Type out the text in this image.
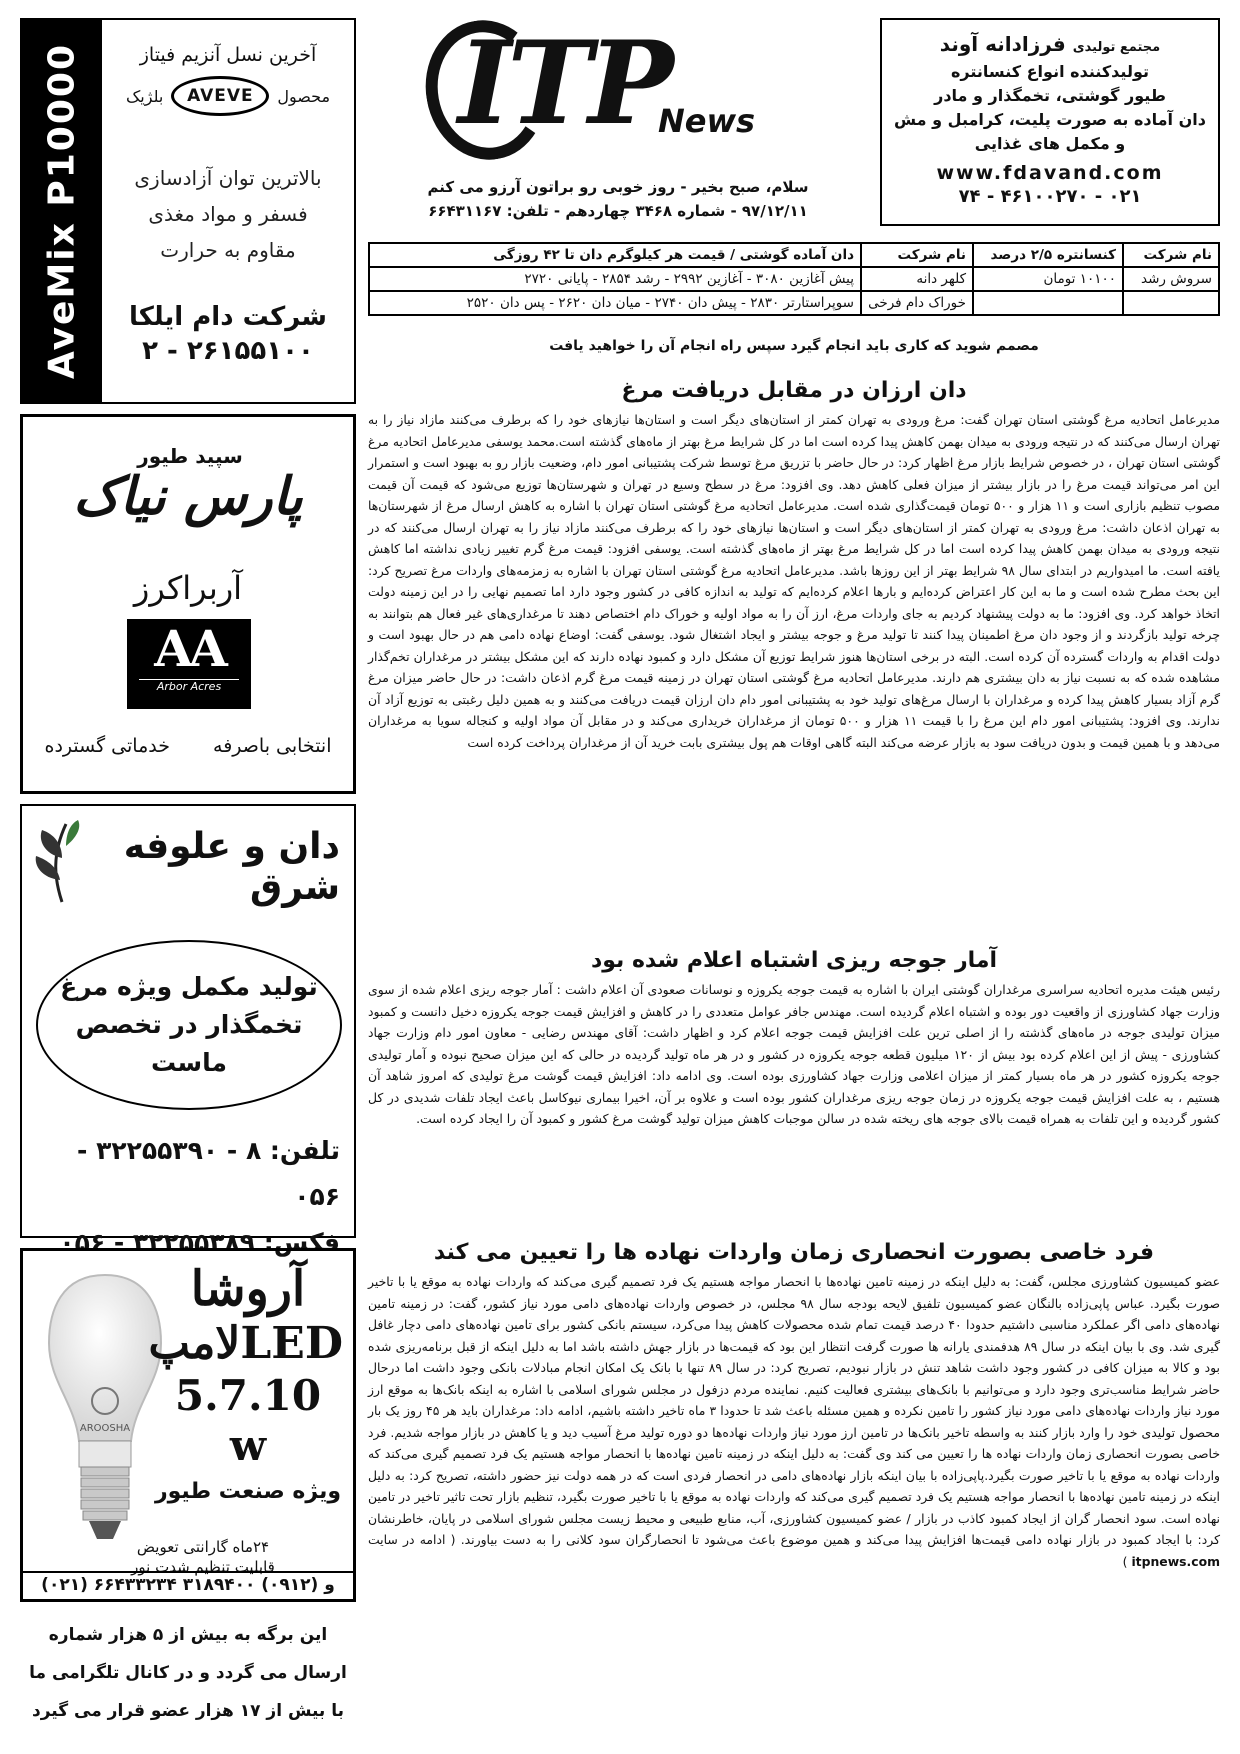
AveMix P10000	آخرین نسل آنزیم فیتاز
محصول
AVEVE
بلژیک
بالاترین توان آزادسازی
فسفر و مواد مغذی
مقاوم به حرارت
شرکت دام ایلکا
۲۶۱۵۵۱۰۰ - ۲
سپید طیور پارس نیاک
آربراکرز
AA
Arbor Acres
انتخابی باصرفه
خدماتی گسترده
دان و علوفه شرق
تولید مکمل ویژه مرغ
تخمگذار در تخصص
ماست
تلفن: ۸ - ۳۲۲۵۵۳۹۰ - ۰۵۶
فکس: ۳۲۲۵۵۳۸۹ - ۰۵۶
AROOSHA
آروشا
LEDلامپ
5.7.10 w
ویژه صنعت طیور
۲۴ماه گارانتی تعویض
قابلیت تنظیم شدت نور
(۰۲۱) ۶۶۴۳۳۲۳۴ و (۰۹۱۲) ۳۱۸۹۴۰۰
این برگه به بیش از ۵ هزار شماره
ارسال می گردد و در کانال تلگرامی ما
با بیش از ۱۷ هزار عضو قرار می گیرد
ITP
News
سلام، صبح بخیر - روز خوبی رو براتون آرزو می کنم
۹۷/۱۲/۱۱ - شماره ۳۴۶۸ چهاردهم - تلفن: ۶۶۴۳۱۱۶۷
مجتمع تولیدی فرزادانه آوند
تولیدکننده انواع کنسانتره
طیور گوشتی، تخمگذار و مادر
دان آماده به صورت پلیت، کرامبل و مش
و مکمل های غذایی
www.fdavand.com
۰۲۱ - ۴۶۱۰۰۲۷۰ - ۷۴
نام شرکت	کنسانتره ۲/۵ درصد	نام شرکت	دان آماده گوشتی / قیمت هر کیلوگرم دان تا ۴۲ روزگی
سروش رشد	۱۰۱۰۰ تومان	کلهر دانه	پیش آغازین ۳۰۸۰ - آغازین ۲۹۹۲ - رشد ۲۸۵۴ - پایانی ۲۷۲۰
		خوراک دام فرخی	سوپراستارتر ۲۸۳۰ - پیش دان ۲۷۴۰ - میان دان ۲۶۲۰ - پس دان ۲۵۲۰
مصمم شوید که کاری باید انجام گیرد سپس راه انجام آن را خواهید یافت
دان ارزان در مقابل دریافت مرغ
مدیرعامل اتحادیه مرغ گوشتی استان تهران گفت: مرغ ورودی به تهران کمتر از استان‌های دیگر است و استان‌ها نیازهای خود را که برطرف می‌کنند مازاد نیاز را به تهران ارسال می‌کنند که در نتیجه ورودی به میدان بهمن کاهش پیدا کرده است اما در کل شرایط مرغ بهتر از ماه‌های گذشته است.محمد یوسفی مدیرعامل اتحادیه مرغ گوشتی استان تهران ، در خصوص شرایط بازار مرغ اظهار کرد: در حال حاضر با تزریق مرغ توسط شرکت پشتیبانی امور دام، وضعیت بازار رو به بهبود است و استمرار این امر می‌تواند قیمت مرغ را در بازار بیشتر از میزان فعلی کاهش دهد. وی افزود: مرغ در سطح وسیع در تهران و شهرستان‌ها توزیع می‌شود که قیمت آن قیمت مصوب تنظیم بازاری است و ۱۱ هزار و ۵۰۰ تومان قیمت‌گذاری شده است. مدیرعامل اتحادیه مرغ گوشتی استان تهران با اشاره به کاهش ارسال مرغ از شهرستان‌ها به تهران اذعان داشت: مرغ ورودی به تهران کمتر از استان‌های دیگر است و استان‌ها نیازهای خود را که برطرف می‌کنند مازاد نیاز را به تهران ارسال می‌کنند که در نتیجه ورودی به میدان بهمن کاهش پیدا کرده است اما در کل شرایط مرغ بهتر از ماه‌های گذشته است. یوسفی افزود: قیمت مرغ گرم تغییر زیادی نداشته اما کاهش یافته است. ما امیدواریم در ابتدای سال ۹۸ شرایط بهتر از این روزها باشد. مدیرعامل اتحادیه مرغ گوشتی استان تهران با اشاره به زمزمه‌های واردات مرغ تصریح کرد: این بحث مطرح شده است و ما به این کار اعتراض کرده‌ایم و بارها اعلام کرده‌ایم که تولید به اندازه کافی در کشور وجود دارد اما تصمیم نهایی را در این زمینه دولت اتخاذ خواهد کرد. وی افزود: ما به دولت پیشنهاد کردیم به جای واردات مرغ، ارز آن را به مواد اولیه و خوراک دام اختصاص دهند تا مرغداری‌های غیر فعال هم بتوانند به چرخه تولید بازگردند و از وجود دان مرغ اطمینان پیدا کنند تا تولید مرغ و جوجه بیشتر و ایجاد اشتغال شود. یوسفی گفت: اوضاع نهاده دامی هم در حال بهبود است و دولت اقدام به واردات گسترده آن کرده است. البته در برخی استان‌ها هنوز شرایط توزیع آن مشکل دارد و کمبود نهاده دارند که این مشکل بیشتر در مرغداران تخم‌گذار مشاهده شده که به نسبت نیاز به دان بیشتری هم دارند. مدیرعامل اتحادیه مرغ گوشتی استان تهران در زمینه قیمت مرغ گرم اذعان داشت: در حال حاضر میزان مرغ گرم آزاد بسیار کاهش پیدا کرده و مرغداران با ارسال مرغ‌های تولید خود به پشتیبانی امور دام دان ارزان قیمت دریافت می‌کنند و به همین دلیل رغبتی به توزیع آزاد آن ندارند. وی افزود: پشتیبانی امور دام این مرغ را با قیمت ۱۱ هزار و ۵۰۰ تومان از مرغداران خریداری می‌کند و در مقابل آن مواد اولیه و کنجاله سویا به مرغداران می‌دهد و با همین قیمت و بدون دریافت سود به بازار عرضه می‌کند البته گاهی اوقات هم پول بیشتری بابت خرید آن از مرغداران پرداخت کرده است
آمار جوجه ریزی اشتباه اعلام شده بود
رئیس هیئت مدیره اتحادیه سراسری مرغداران گوشتی ایران با اشاره به قیمت جوجه یکروزه و نوسانات صعودی آن اعلام داشت : آمار جوجه ریزی اعلام شده از سوی وزارت جهاد کشاورزی از واقعیت دور بوده و اشتباه اعلام گردیده است. مهندس جافر عوامل متعددی را در کاهش و افزایش قیمت جوجه یکروزه دخیل دانست و کمبود میزان تولیدی جوجه در ماه‌های گذشته را از اصلی ترین علت افزایش قیمت جوجه اعلام کرد و اظهار داشت: آقای مهندس رضایی - معاون امور دام وزارت جهاد کشاورزی - پیش از این اعلام کرده بود بیش از ۱۲۰ میلیون قطعه جوجه یکروزه در کشور و در هر ماه تولید گردیده در حالی که این میزان صحیح نبوده و آمار تولیدی جوجه یکروزه کشور در هر ماه بسیار کمتر از میزان اعلامی وزارت جهاد کشاورزی بوده است. وی ادامه داد: افزایش قیمت گوشت مرغ تولیدی که امروز شاهد آن هستیم ، به علت افزایش قیمت جوجه یکروزه در زمان جوجه ریزی مرغداران کشور بوده است و علاوه بر آن، اخیرا بیماری نیوکاسل باعث ایجاد تلفات شدیدی در کل کشور گردیده و این تلفات به همراه قیمت بالای جوجه های ریخته شده در سالن موجبات کاهش میزان تولید گوشت مرغ کشور و کمبود آن را ایجاد کرده است.
فرد خاصی بصورت انحصاری زمان واردات نهاده ها را تعیین می کند
عضو کمیسیون کشاورزی مجلس، گفت: به دلیل اینکه در زمینه تامین نهاده‌ها با انحصار مواجه هستیم یک فرد تصمیم گیری می‌کند که واردات نهاده به موقع یا با تاخیر صورت بگیرد. عباس پاپی‌زاده بالنگان عضو کمیسیون تلفیق لایحه بودجه سال ۹۸ مجلس، در خصوص واردات نهاده‌های دامی مورد نیاز کشور، گفت: در زمینه تامین نهاده‌های دامی اگر عملکرد مناسبی داشتیم حدودا ۴۰ درصد قیمت تمام شده محصولات کاهش پیدا می‌کرد، سیستم بانکی کشور برای تامین نهاده‌های دامی دچار غافل گیری شد. وی با بیان اینکه در سال ۸۹ هدفمندی یارانه ها صورت گرفت انتظار این بود که قیمت‌ها در بازار جهش داشته باشد اما به دلیل اینکه از قبل برنامه‌ریزی شده بود و کالا به میزان کافی در کشور وجود داشت شاهد تنش در بازار نبودیم، تصریح کرد: در سال ۸۹ تنها با بانک یک امکان انجام مبادلات بانکی وجود داشت اما درحال حاضر شرایط مناسب‌تری وجود دارد و می‌توانیم با بانک‌های بیشتری فعالیت کنیم. نماینده مردم دزفول در مجلس شورای اسلامی با اشاره به اینکه بانک‌ها به موقع ارز مورد نیاز واردات نهاده‌های دامی مورد نیاز کشور را تامین نکرده و همین مسئله باعث شد تا حدودا ۳ ماه تاخیر داشته باشیم، ادامه داد: مرغداران باید هر ۴۵ روز یک بار محصول تولیدی خود را وارد بازار کنند به واسطه تاخیر بانک‌ها در تامین ارز مورد نیاز واردات نهاده‌ها دو دوره تولید مرغ آسیب دید و یا کاهش در بازار مواجه شدیم. فرد خاصی بصورت انحصاری زمان واردات نهاده ها را تعیین می کند وی گفت: به دلیل اینکه در زمینه تامین نهاده‌ها با انحصار مواجه هستیم یک فرد تصمیم گیری می‌کند که واردات نهاده به موقع یا با تاخیر صورت بگیرد.پاپی‌زاده با بیان اینکه بازار نهاده‌های دامی در انحصار فردی است که در همه دولت نیز حضور داشته، تصریح کرد: به دلیل اینکه در زمینه تامین نهاده‌ها با انحصار مواجه هستیم یک فرد تصمیم گیری می‌کند که واردات نهاده به موقع یا با تاخیر صورت بگیرد، تنظیم بازار تحت تاثیر تاخیر در تامین نهاده است. سود انحصار گران از ایجاد کمبود کاذب در بازار / عضو کمیسیون کشاورزی، آب، منابع طبیعی و محیط زیست مجلس شورای اسلامی در پایان، خاطرنشان کرد: با ایجاد کمبود در بازار نهاده دامی قیمت‌ها افزایش پیدا می‌کند و همین موضوع باعث می‌شود تا انحصارگران سود کلانی را به دست بیاورند. ( ادامه در سایت itpnews.com )
